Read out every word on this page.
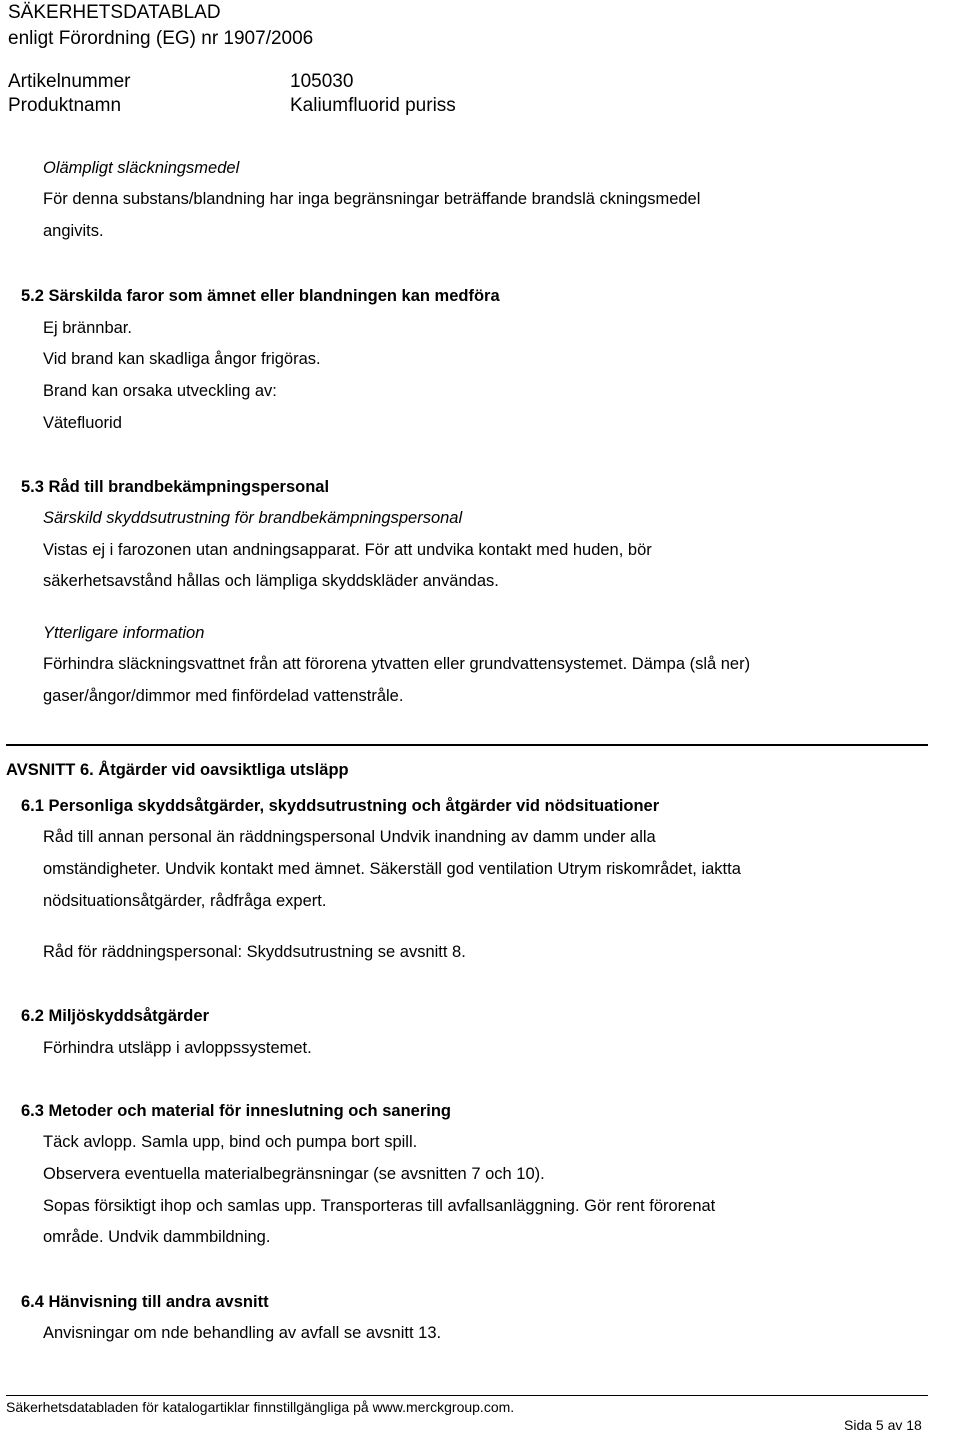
SÄKERHETSDATABLAD
enligt Förordning (EG) nr 1907/2006
Artikelnummer	105030
Produktnamn	Kaliumfluorid puriss
Olämpligt släckningsmedel
För denna substans/blandning har inga begränsningar beträffande brandslä ckningsmedel
angivits.
5.2 Särskilda faror som ämnet eller blandningen kan medföra
Ej brännbar.
Vid brand kan skadliga ångor frigöras.
Brand kan orsaka utveckling av:
Vätefluorid
5.3 Råd till brandbekämpningspersonal
Särskild skyddsutrustning för brandbekämpningspersonal
Vistas ej i farozonen utan andningsapparat. För att undvika kontakt med huden, bör
säkerhetsavstånd hållas och lämpliga skyddskläder användas.
Ytterligare information
Förhindra släckningsvattnet från att förorena ytvatten eller grundvattensystemet. Dämpa (slå ner)
gaser/ångor/dimmor med finfördelad vattenstråle.
AVSNITT 6. Åtgärder vid oavsiktliga utsläpp
6.1 Personliga skyddsåtgärder, skyddsutrustning och åtgärder vid nödsituationer
Råd till annan personal än räddningspersonal Undvik inandning av damm under alla
omständigheter. Undvik kontakt med ämnet. Säkerställ god ventilation Utrym riskområdet, iaktta
nödsituationsåtgärder, rådfråga expert.
Råd för räddningspersonal: Skyddsutrustning se avsnitt 8.
6.2 Miljöskyddsåtgärder
Förhindra utsläpp i avloppssystemet.
6.3 Metoder och material för inneslutning och sanering
Täck avlopp. Samla upp, bind och pumpa bort spill.
Observera eventuella materialbegränsningar (se avsnitten 7 och 10).
Sopas försiktigt ihop och samlas upp. Transporteras till avfallsanläggning. Gör rent förorenat
område. Undvik dammbildning.
6.4 Hänvisning till andra avsnitt
Anvisningar om nde behandling av avfall se avsnitt 13.
Säkerhetsdatabladen för katalogartiklar finnstillgängliga på www.merckgroup.com.
Sida 5 av 18
